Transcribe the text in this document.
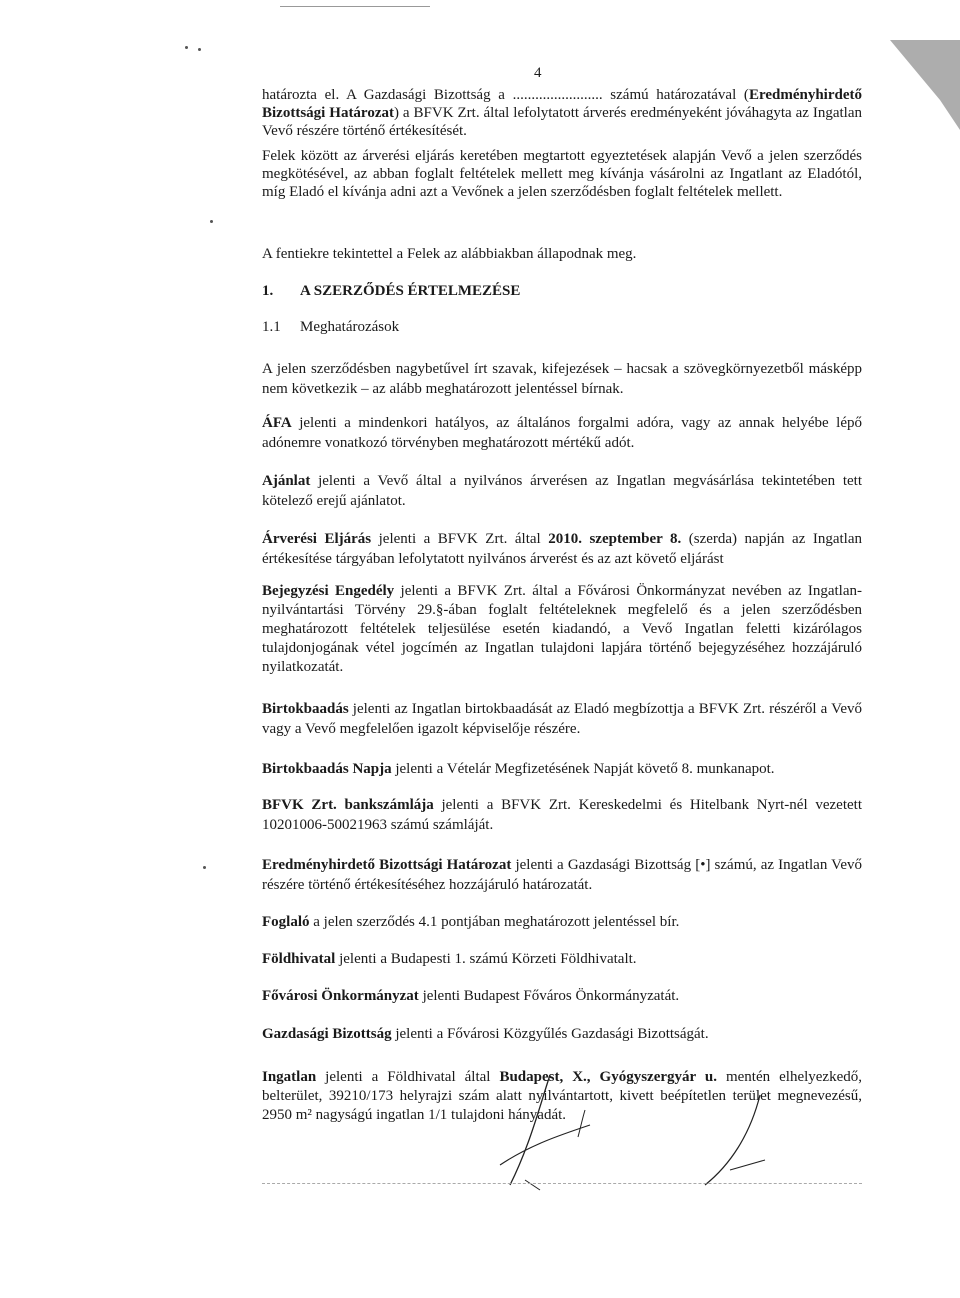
4

határozta el. A Gazdasági Bizottság a ........................ számú határozatával (Eredményhirdető Bizottsági Határozat) a BFVK Zrt. által lefolytatott árverés eredményeként jóváhagyta az Ingatlan Vevő részére történő értékesítését.

Felek között az árverési eljárás keretében megtartott egyeztetések alapján Vevő a jelen szerződés megkötésével, az abban foglalt feltételek mellett meg kívánja vásárolni az Ingatlant az Eladótól, míg Eladó el kívánja adni azt a Vevőnek a jelen szerződésben foglalt feltételek mellett.

A fentiekre tekintettel a Felek az alábbiakban állapodnak meg.
1. A SZERZŐDÉS ÉRTELMEZÉSE
1.1 Meghatározások
A jelen szerződésben nagybetűvel írt szavak, kifejezések – hacsak a szövegkörnyezetből másképp nem következik – az alább meghatározott jelentéssel bírnak.
ÁFA jelenti a mindenkori hatályos, az általános forgalmi adóra, vagy az annak helyébe lépő adónemre vonatkozó törvényben meghatározott mértékű adót.
Ajánlat jelenti a Vevő által a nyilvános árverésen az Ingatlan megvásárlása tekintetében tett kötelező erejű ajánlatot.
Árverési Eljárás jelenti a BFVK Zrt. által 2010. szeptember 8. (szerda) napján az Ingatlan értékesítése tárgyában lefolytatott nyilvános árverést és az azt követő eljárást
Bejegyzési Engedély jelenti a BFVK Zrt. által a Fővárosi Önkormányzat nevében az Ingatlan-nyilvántartási Törvény 29.§-ában foglalt feltételeknek megfelelő és a jelen szerződésben meghatározott feltételek teljesülése esetén kiadandó, a Vevő Ingatlan feletti kizárólagos tulajdonjogának vétel jogcímén az Ingatlan tulajdoni lapjára történő bejegyzéséhez hozzájáruló nyilatkozatát.
Birtokbaadás jelenti az Ingatlan birtokbaadását az Eladó megbízottja a BFVK Zrt. részéről a Vevő vagy a Vevő megfelelően igazolt képviselője részére.
Birtokbaadás Napja jelenti a Vételár Megfizetésének Napját követő 8. munkanapot.
BFVK Zrt. bankszámlája jelenti a BFVK Zrt. Kereskedelmi és Hitelbank Nyrt-nél vezetett 10201006-50021963 számú számláját.
Eredményhirdető Bizottsági Határozat jelenti a Gazdasági Bizottság [•] számú, az Ingatlan Vevő részére történő értékesítéséhez hozzájáruló határozatát.
Foglaló a jelen szerződés 4.1 pontjában meghatározott jelentéssel bír.
Földhivatal jelenti a Budapesti 1. számú Körzeti Földhivatalt.
Fővárosi Önkormányzat jelenti Budapest Főváros Önkormányzatát.
Gazdasági Bizottság jelenti a Fővárosi Közgyűlés Gazdasági Bizottságát.
Ingatlan jelenti a Földhivatal által Budapest, X., Gyógyszergyár u. mentén elhelyezkedő, belterület, 39210/173 helyrajzi szám alatt nyilvántartott, kivett beépítetlen terület megnevezésű, 2950 m² nagyságú ingatlan 1/1 tulajdoni hányadát.
